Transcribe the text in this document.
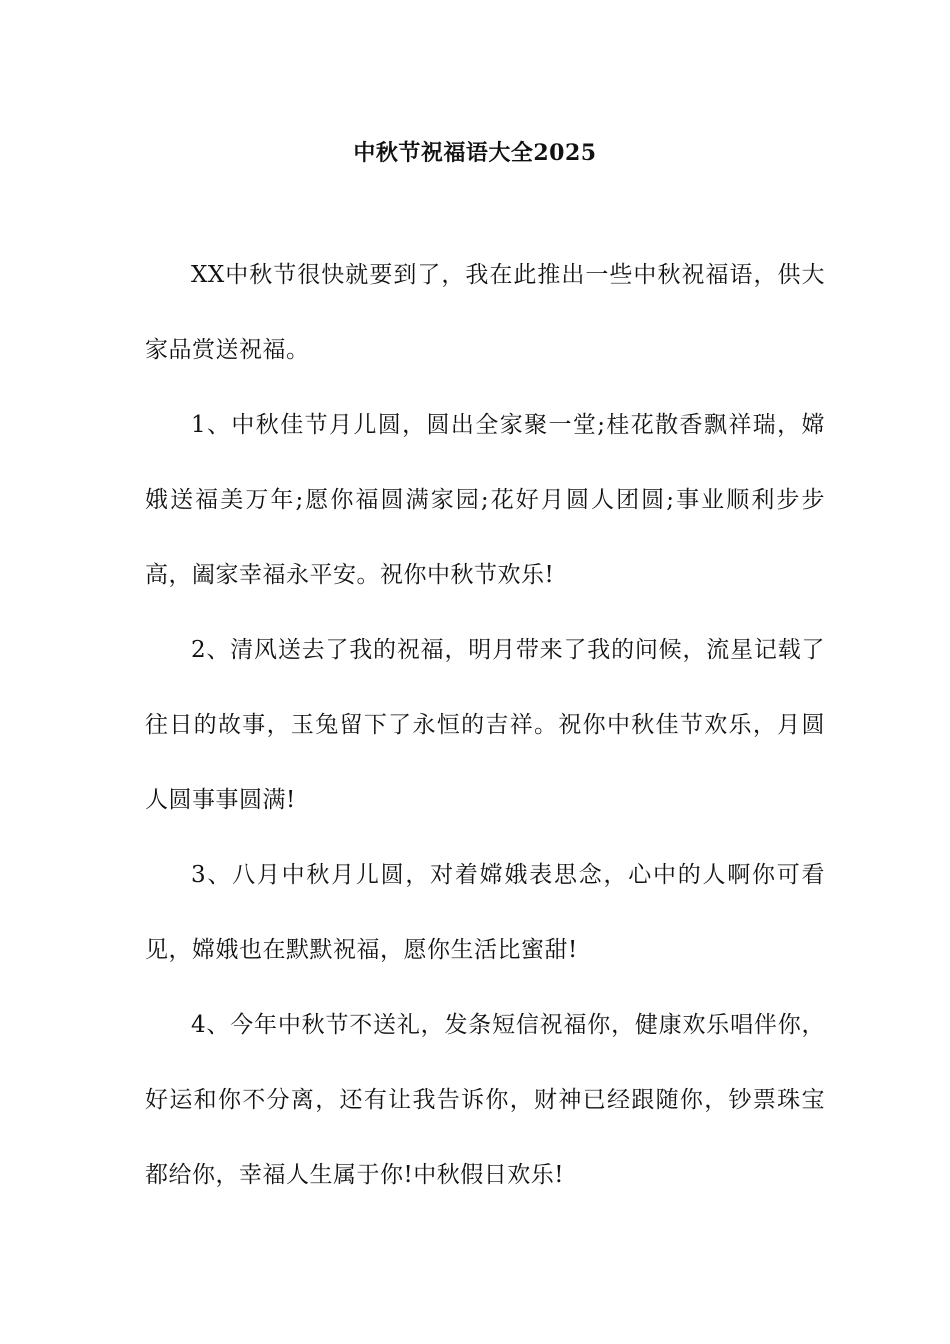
中秋节祝福语大全2025

XX中秋节很快就要到了，我在此推出一些中秋祝福语，供大家品赏送祝福。

1、中秋佳节月儿圆，圆出全家聚一堂;桂花散香飘祥瑞，嫦娥送福美万年;愿你福圆满家园;花好月圆人团圆;事业顺利步步高，阖家幸福永平安。祝你中秋节欢乐!

2、清风送去了我的祝福，明月带来了我的问候，流星记载了往日的故事，玉兔留下了永恒的吉祥。祝你中秋佳节欢乐，月圆人圆事事圆满!

3、八月中秋月儿圆，对着嫦娥表思念，心中的人啊你可看见，嫦娥也在默默祝福，愿你生活比蜜甜!

4、今年中秋节不送礼，发条短信祝福你，健康欢乐唱伴你，好运和你不分离，还有让我告诉你，财神已经跟随你，钞票珠宝都给你，幸福人生属于你!中秋假日欢乐!
